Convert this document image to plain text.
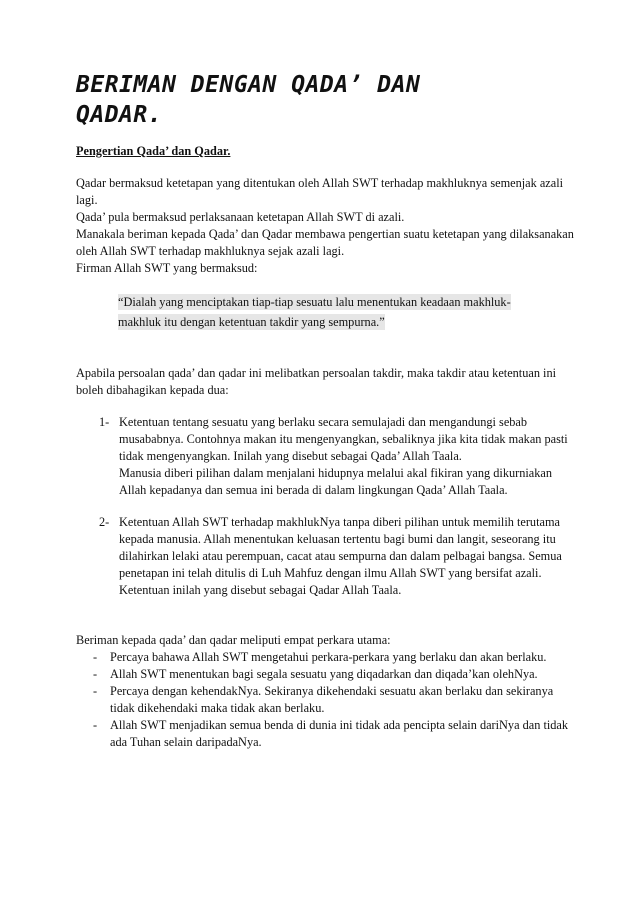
BERIMAN DENGAN QADA’ DAN
QADAR.

Pengertian Qada’ dan Qadar.

Qadar bermaksud ketetapan yang ditentukan oleh Allah SWT terhadap makhluknya semenjak azali lagi.

Qada’ pula bermaksud perlaksanaan ketetapan Allah SWT di azali.

Manakala beriman kepada Qada’ dan Qadar membawa pengertian suatu ketetapan yang dilaksanakan oleh Allah SWT terhadap makhluknya sejak azali lagi.

Firman Allah SWT yang bermaksud:

“Dialah yang menciptakan tiap-tiap sesuatu lalu menentukan keadaan makhluk-makhluk itu dengan ketentuan takdir yang sempurna.”

Apabila persoalan qada’ dan qadar ini melibatkan persoalan takdir, maka takdir atau ketentuan ini boleh dibahagikan kepada dua:

1- Ketentuan tentang sesuatu yang berlaku secara semulajadi dan mengandungi sebab musababnya. Contohnya makan itu mengenyangkan, sebaliknya jika kita tidak makan pasti tidak mengenyangkan. Inilah yang disebut sebagai Qada’ Allah Taala.

Manusia diberi pilihan dalam menjalani hidupnya melalui akal fikiran yang dikurniakan Allah kepadanya dan semua ini berada di dalam lingkungan Qada’ Allah Taala.

2- Ketentuan Allah SWT terhadap makhlukNya tanpa diberi pilihan untuk memilih terutama kepada manusia. Allah menentukan keluasan tertentu bagi bumi dan langit, seseorang itu dilahirkan lelaki atau perempuan, cacat atau sempurna dan dalam pelbagai bangsa. Semua penetapan ini telah ditulis di Luh Mahfuz dengan ilmu Allah SWT yang bersifat azali. Ketentuan inilah yang disebut sebagai Qadar Allah Taala.

Beriman kepada qada’ dan qadar meliputi empat perkara utama:

- Percaya bahawa Allah SWT mengetahui perkara-perkara yang berlaku dan akan berlaku.
- Allah SWT menentukan bagi segala sesuatu yang diqadarkan dan diqada’kan olehNya.
- Percaya dengan kehendakNya. Sekiranya dikehendaki sesuatu akan berlaku dan sekiranya tidak dikehendaki maka tidak akan berlaku.
- Allah SWT menjadikan semua benda di dunia ini tidak ada pencipta selain dariNya dan tidak ada Tuhan selain daripadaNya.
